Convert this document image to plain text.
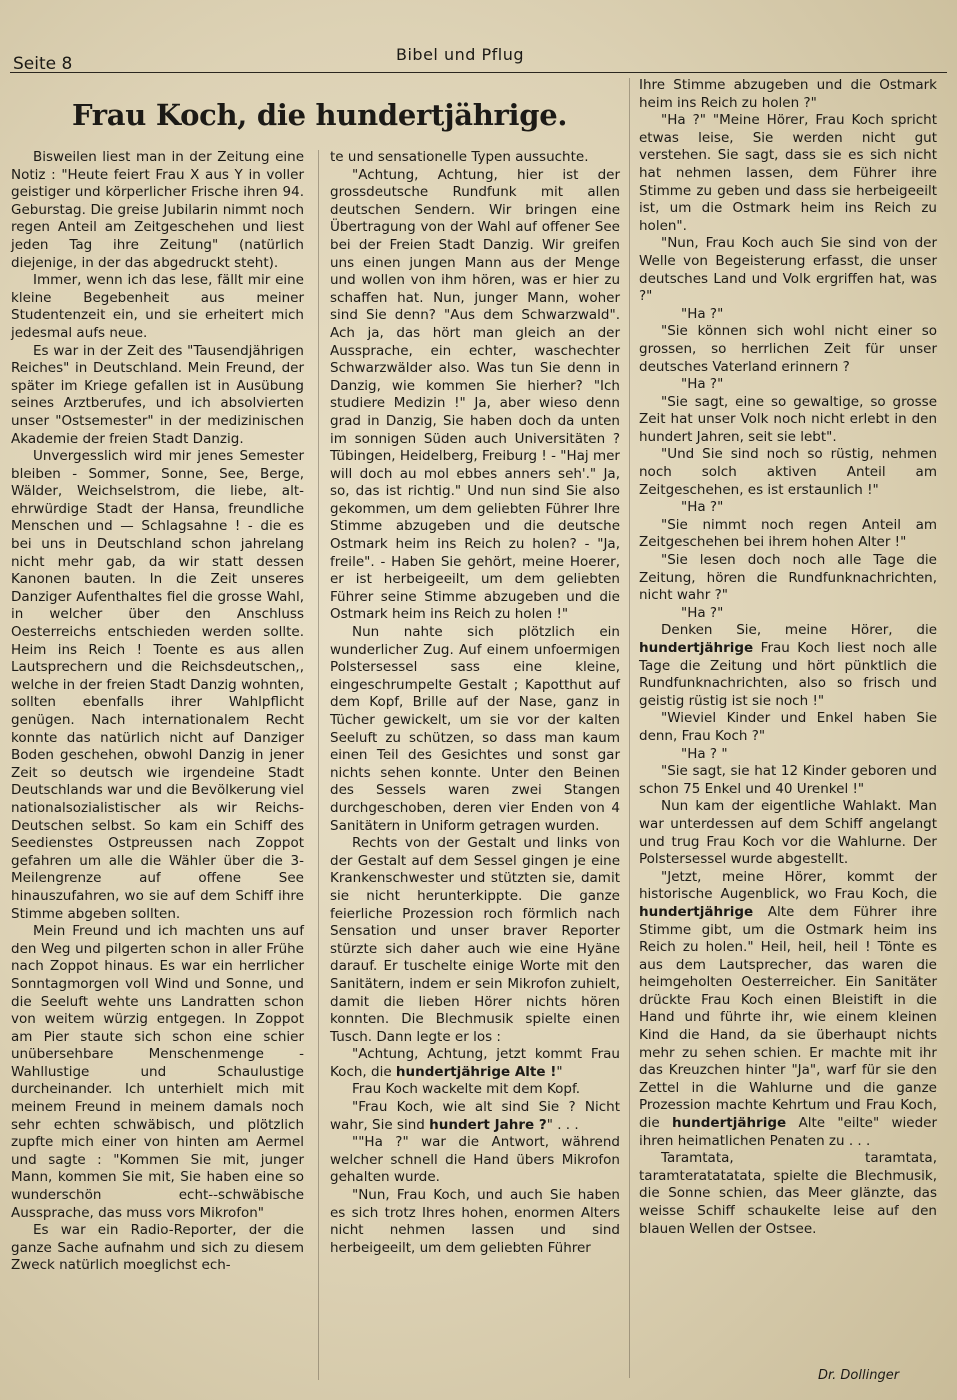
Seite 8	Bibel und Pflug
Frau Koch, die hundertjährige.

Bisweilen liest man in der Zeitung eine Notiz : "Heute feiert Frau X aus Y in voller geistiger und körperlicher Frische ihren 94. Geburstag. Die greise Jubilarin nimmt noch regen Anteil am Zeitgeschehen und liest jeden Tag ihre Zeitung" (natürlich diejenige, in der das abgedruckt steht).

Immer, wenn ich das lese, fällt mir eine kleine Begebenheit aus meiner Studentenzeit ein, und sie erheitert mich jedesmal aufs neue.

Es war in der Zeit des "Tausendjährigen Reiches" in Deutschland. Mein Freund, der später im Kriege gefallen ist in Ausübung seines Arztberufes, und ich absolvierten unser "Ostsemester" in der medizinischen Akademie der freien Stadt Danzig.

Unvergesslich wird mir jenes Semester bleiben - Sommer, Sonne, See, Berge, Wälder, Weichselstrom, die liebe, alt-ehrwürdige Stadt der Hansa, freundliche Menschen und — Schlagsahne ! - die es bei uns in Deutschland schon jahrelang nicht mehr gab, da wir statt dessen Kanonen bauten. In die Zeit unseres Danziger Aufenthaltes fiel die grosse Wahl, in welcher über den Anschluss Oesterreichs entschieden werden sollte. Heim ins Reich ! Toente es aus allen Lautsprechern und die Reichsdeutschen,, welche in der freien Stadt Danzig wohnten, sollten ebenfalls ihrer Wahlpflicht genügen. Nach internationalem Recht konnte das natürlich nicht auf Danziger Boden geschehen, obwohl Danzig in jener Zeit so deutsch wie irgendeine Stadt Deutschlands war und die Bevölkerung viel nationalsozialistischer als wir Reichs-Deutschen selbst. So kam ein Schiff des Seedienstes Ostpreussen nach Zoppot gefahren um alle die Wähler über die 3-Meilengrenze auf offene See hinauszufahren, wo sie auf dem Schiff ihre Stimme abgeben sollten.

Mein Freund und ich machten uns auf den Weg und pilgerten schon in aller Frühe nach Zoppot hinaus. Es war ein herrlicher Sonntagmorgen voll Wind und Sonne, und die Seeluft wehte uns Landratten schon von weitem würzig entgegen. In Zoppot am Pier staute sich schon eine schier unübersehbare Menschenmenge - Wahllustige und Schaulustige durcheinander. Ich unterhielt mich mit meinem Freund in meinem damals noch sehr echten schwäbisch, und plötzlich zupfte mich einer von hinten am Aermel und sagte : "Kommen Sie mit, junger Mann, kommen Sie mit, Sie haben eine so wunderschön echt--schwäbische Aussprache, das muss vors Mikrofon"

Es war ein Radio-Reporter, der die ganze Sache aufnahm und sich zu diesem Zweck natürlich moeglichst ech-

te und sensationelle Typen aussuchte.

"Achtung, Achtung, hier ist der grossdeutsche Rundfunk mit allen deutschen Sendern. Wir bringen eine Übertragung von der Wahl auf offener See bei der Freien Stadt Danzig. Wir greifen uns einen jungen Mann aus der Menge und wollen von ihm hören, was er hier zu schaffen hat. Nun, junger Mann, woher sind Sie denn? "Aus dem Schwarzwald". Ach ja, das hört man gleich an der Aussprache, ein echter, waschechter Schwarzwälder also. Was tun Sie denn in Danzig, wie kommen Sie hierher? "Ich studiere Medizin !" Ja, aber wieso denn grad in Danzig, Sie haben doch da unten im sonnigen Süden auch Universitäten ? Tübingen, Heidelberg, Freiburg ! - "Haj mer will doch au mol ebbes anners seh'." Ja, so, das ist richtig." Und nun sind Sie also gekommen, um dem geliebten Führer Ihre Stimme abzugeben und die deutsche Ostmark heim ins Reich zu holen? - "Ja, freile". - Haben Sie gehört, meine Hoerer, er ist herbeigeeilt, um dem geliebten Führer seine Stimme abzugeben und die Ostmark heim ins Reich zu holen !"

Nun nahte sich plötzlich ein wunderlicher Zug. Auf einem unfoermigen Polstersessel sass eine kleine, eingeschrumpelte Gestalt ; Kapotthut auf dem Kopf, Brille auf der Nase, ganz in Tücher gewickelt, um sie vor der kalten Seeluft zu schützen, so dass man kaum einen Teil des Gesichtes und sonst gar nichts sehen konnte. Unter den Beinen des Sessels waren zwei Stangen durchgeschoben, deren vier Enden von 4 Sanitätern in Uniform getragen wurden.

Rechts von der Gestalt und links von der Gestalt auf dem Sessel gingen je eine Krankenschwester und stützten sie, damit sie nicht herunterkippte. Die ganze feierliche Prozession roch förmlich nach Sensation und unser braver Reporter stürzte sich daher auch wie eine Hyäne darauf. Er tuschelte einige Worte mit den Sanitätern, indem er sein Mikrofon zuhielt, damit die lieben Hörer nichts hören konnten. Die Blechmusik spielte einen Tusch. Dann legte er los :

"Achtung, Achtung, jetzt kommt Frau Koch, die hundertjährige Alte !"

Frau Koch wackelte mit dem Kopf.

"Frau Koch, wie alt sind Sie ? Nicht wahr, Sie sind hundert Jahre ?" . . .

""Ha ?" war die Antwort, während welcher schnell die Hand übers Mikrofon gehalten wurde.

"Nun, Frau Koch, und auch Sie haben es sich trotz Ihres hohen, enormen Alters nicht nehmen lassen und sind herbeigeeilt, um dem geliebten Führer

Ihre Stimme abzugeben und die Ostmark heim ins Reich zu holen ?"

"Ha ?" "Meine Hörer, Frau Koch spricht etwas leise, Sie werden nicht gut verstehen. Sie sagt, dass sie es sich nicht hat nehmen lassen, dem Führer ihre Stimme zu geben und dass sie herbeigeeilt ist, um die Ostmark heim ins Reich zu holen".

"Nun, Frau Koch auch Sie sind von der Welle von Begeisterung erfasst, die unser deutsches Land und Volk ergriffen hat, was ?"

"Ha ?"

"Sie können sich wohl nicht einer so grossen, so herrlichen Zeit für unser deutsches Vaterland erinnern ?

"Ha ?"

"Sie sagt, eine so gewaltige, so grosse Zeit hat unser Volk noch nicht erlebt in den hundert Jahren, seit sie lebt".

"Und Sie sind noch so rüstig, nehmen noch solch aktiven Anteil am Zeitgeschehen, es ist erstaunlich !"

"Ha ?"

"Sie nimmt noch regen Anteil am Zeitgeschehen bei ihrem hohen Alter !"

"Sie lesen doch noch alle Tage die Zeitung, hören die Rundfunknachrichten, nicht wahr ?"

"Ha ?"

Denken Sie, meine Hörer, die hundertjährige Frau Koch liest noch alle Tage die Zeitung und hört pünktlich die Rundfunknachrichten, also so frisch und geistig rüstig ist sie noch !"

"Wieviel Kinder und Enkel haben Sie denn, Frau Koch ?"

"Ha ? "

"Sie sagt, sie hat 12 Kinder geboren und schon 75 Enkel und 40 Urenkel !"

Nun kam der eigentliche Wahlakt. Man war unterdessen auf dem Schiff angelangt und trug Frau Koch vor die Wahlurne. Der Polstersessel wurde abgestellt.

"Jetzt, meine Hörer, kommt der historische Augenblick, wo Frau Koch, die hundertjährige Alte dem Führer ihre Stimme gibt, um die Ostmark heim ins Reich zu holen." Heil, heil, heil ! Tönte es aus dem Lautsprecher, das waren die heimgeholten Oesterreicher. Ein Sanitäter drückte Frau Koch einen Bleistift in die Hand und führte ihr, wie einem kleinen Kind die Hand, da sie überhaupt nichts mehr zu sehen schien. Er machte mit ihr das Kreuzchen hinter "Ja", warf für sie den Zettel in die Wahlurne und die ganze Prozession machte Kehrtum und Frau Koch, die hundertjährige Alte "eilte" wieder ihren heimatlichen Penaten zu . . .

Taramtata, taramtata, taramteratatatata, spielte die Blechmusik, die Sonne schien, das Meer glänzte, das weisse Schiff schaukelte leise auf den blauen Wellen der Ostsee.

Dr. Dollinger
